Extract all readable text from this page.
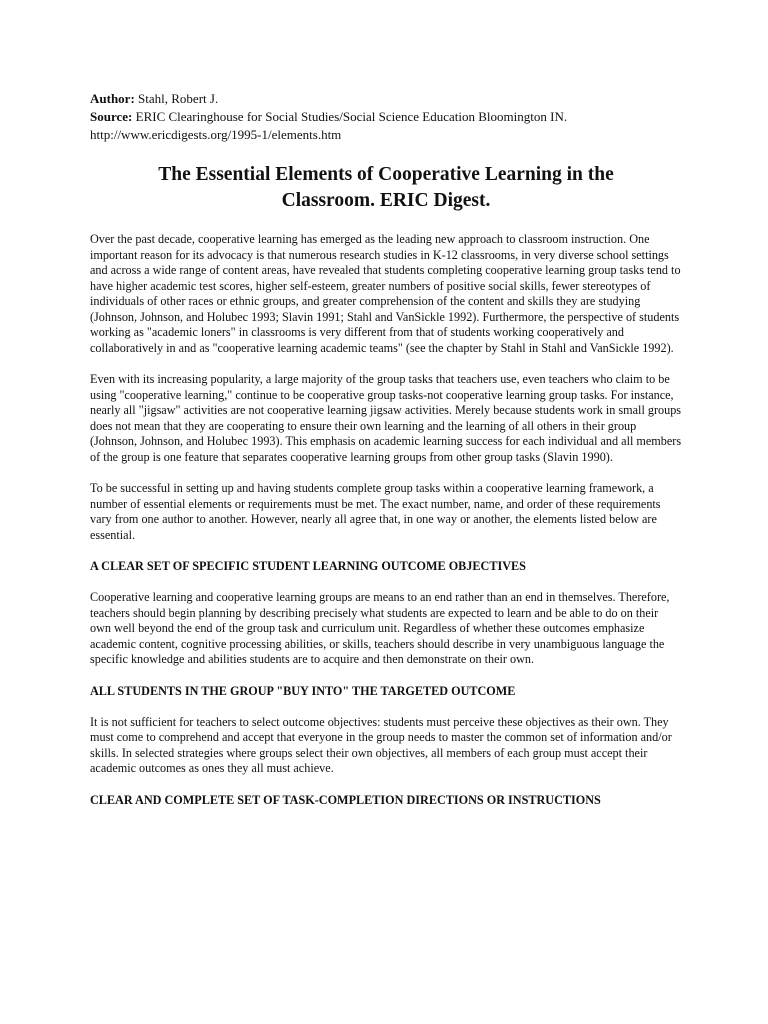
Author: Stahl, Robert J.
Source: ERIC Clearinghouse for Social Studies/Social Science Education Bloomington IN.
http://www.ericdigests.org/1995-1/elements.htm
The Essential Elements of Cooperative Learning in the
Classroom. ERIC Digest.

Over the past decade, cooperative learning has emerged as the leading new approach to classroom instruction. One important reason for its advocacy is that numerous research studies in K-12 classrooms, in very diverse school settings and across a wide range of content areas, have revealed that students completing cooperative learning group tasks tend to have higher academic test scores, higher self-esteem, greater numbers of positive social skills, fewer stereotypes of individuals of other races or ethnic groups, and greater comprehension of the content and skills they are studying (Johnson, Johnson, and Holubec 1993; Slavin 1991; Stahl and VanSickle 1992). Furthermore, the perspective of students working as "academic loners" in classrooms is very different from that of students working cooperatively and collaboratively in and as "cooperative learning academic teams" (see the chapter by Stahl in Stahl and VanSickle 1992).

Even with its increasing popularity, a large majority of the group tasks that teachers use, even teachers who claim to be using "cooperative learning," continue to be cooperative group tasks-not cooperative learning group tasks. For instance, nearly all "jigsaw" activities are not cooperative learning jigsaw activities. Merely because students work in small groups does not mean that they are cooperating to ensure their own learning and the learning of all others in their group (Johnson, Johnson, and Holubec 1993). This emphasis on academic learning success for each individual and all members of the group is one feature that separates cooperative learning groups from other group tasks (Slavin 1990).

To be successful in setting up and having students complete group tasks within a cooperative learning framework, a number of essential elements or requirements must be met. The exact number, name, and order of these requirements vary from one author to another. However, nearly all agree that, in one way or another, the elements listed below are essential.

A CLEAR SET OF SPECIFIC STUDENT LEARNING OUTCOME OBJECTIVES

Cooperative learning and cooperative learning groups are means to an end rather than an end in themselves. Therefore, teachers should begin planning by describing precisely what students are expected to learn and be able to do on their own well beyond the end of the group task and curriculum unit. Regardless of whether these outcomes emphasize academic content, cognitive processing abilities, or skills, teachers should describe in very unambiguous language the specific knowledge and abilities students are to acquire and then demonstrate on their own.

ALL STUDENTS IN THE GROUP "BUY INTO" THE TARGETED OUTCOME

It is not sufficient for teachers to select outcome objectives: students must perceive these objectives as their own. They must come to comprehend and accept that everyone in the group needs to master the common set of information and/or skills. In selected strategies where groups select their own objectives, all members of each group must accept their academic outcomes as ones they all must achieve.

CLEAR AND COMPLETE SET OF TASK-COMPLETION DIRECTIONS OR INSTRUCTIONS
